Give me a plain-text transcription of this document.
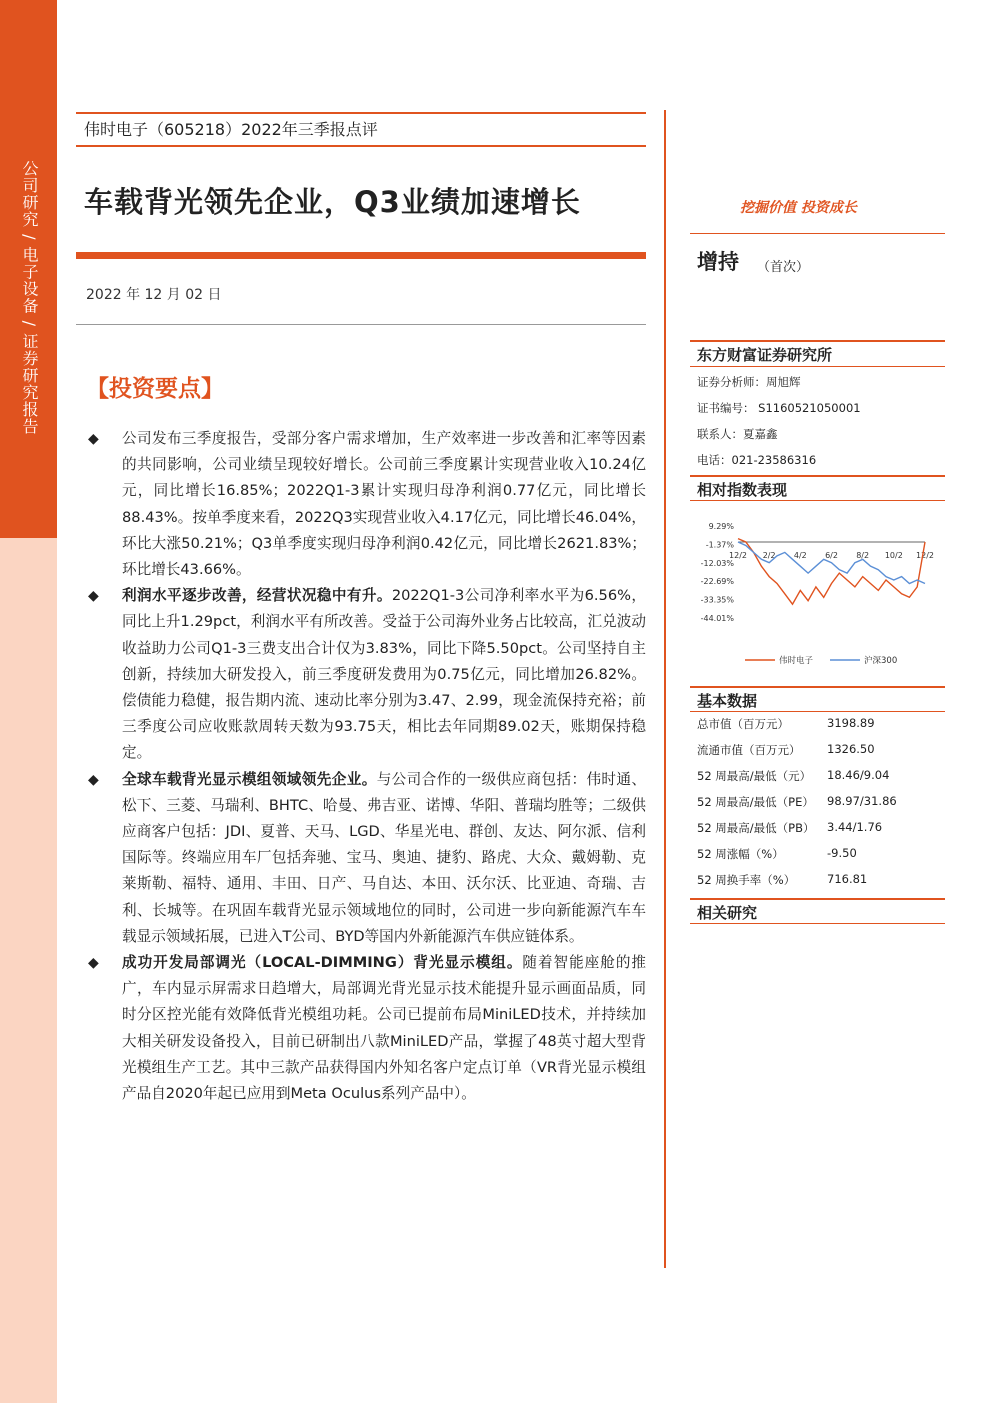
公司研究 / 电子设备 / 证券研究报告
伟时电子（605218）2022年三季报点评
车载背光领先企业，Q3业绩加速增长
2022 年 12 月 02 日
【投资要点】
◆ 公司发布三季度报告，受部分客户需求增加，生产效率进一步改善和汇率等因素的共同影响，公司业绩呈现较好增长。公司前三季度累计实现营业收入10.24亿元，同比增长16.85%；2022Q1-3累计实现归母净利润0.77亿元，同比增长88.43%。按单季度来看，2022Q3实现营业收入4.17亿元，同比增长46.04%，环比大涨50.21%；Q3单季度实现归母净利润0.42亿元，同比增长2621.83%；环比增长43.66%。
◆ 利润水平逐步改善，经营状况稳中有升。2022Q1-3公司净利率水平为6.56%，同比上升1.29pct，利润水平有所改善。受益于公司海外业务占比较高，汇兑波动收益助力公司Q1-3三费支出合计仅为3.83%，同比下降5.50pct。公司坚持自主创新，持续加大研发投入，前三季度研发费用为0.75亿元，同比增加26.82%。偿债能力稳健，报告期内流、速动比率分别为3.47、2.99，现金流保持充裕；前三季度公司应收账款周转天数为93.75天，相比去年同期89.02天，账期保持稳定。
◆ 全球车载背光显示模组领域领先企业。与公司合作的一级供应商包括：伟时通、松下、三菱、马瑞利、BHTC、哈曼、弗吉亚、诺博、华阳、普瑞均胜等；二级供应商客户包括：JDI、夏普、天马、LGD、华星光电、群创、友达、阿尔派、信利国际等。终端应用车厂包括奔驰、宝马、奥迪、捷豹、路虎、大众、戴姆勒、克莱斯勒、福特、通用、丰田、日产、马自达、本田、沃尔沃、比亚迪、奇瑞、吉利、长城等。在巩固车载背光显示领域地位的同时，公司进一步向新能源汽车车载显示领域拓展，已进入T公司、BYD等国内外新能源汽车供应链体系。
◆ 成功开发局部调光（LOCAL-DIMMING）背光显示模组。随着智能座舱的推广，车内显示屏需求日趋增大，局部调光背光显示技术能提升显示画面品质，同时分区控光能有效降低背光模组功耗。公司已提前布局MiniLED技术，并持续加大相关研发设备投入，目前已研制出八款MiniLED产品，掌握了48英寸超大型背光模组生产工艺。其中三款产品获得国内外知名客户定点订单（VR背光显示模组产品自2020年起已应用到Meta Oculus系列产品中）。
挖掘价值 投资成长
增持 （首次）
东方财富证券研究所
证券分析师：周旭辉
证书编号： S1160521050001
联系人：夏嘉鑫
电话：021-23586316
相对指数表现
9.29%
-1.37%
-12.03%
-22.69%
-33.35%
-44.01%
12/2 2/2 4/2 6/2 8/2 10/2 12/2
伟时电子	沪深300
基本数据
总市值（百万元）	3198.89
流通市值（百万元） 1326.50
52 周最高/最低（元） 18.46/9.04
52 周最高/最低（PE） 98.97/31.86
52 周最高/最低（PB） 3.44/1.76
52 周涨幅（%）	-9.50
52 周换手率（%）	716.81
相关研究
